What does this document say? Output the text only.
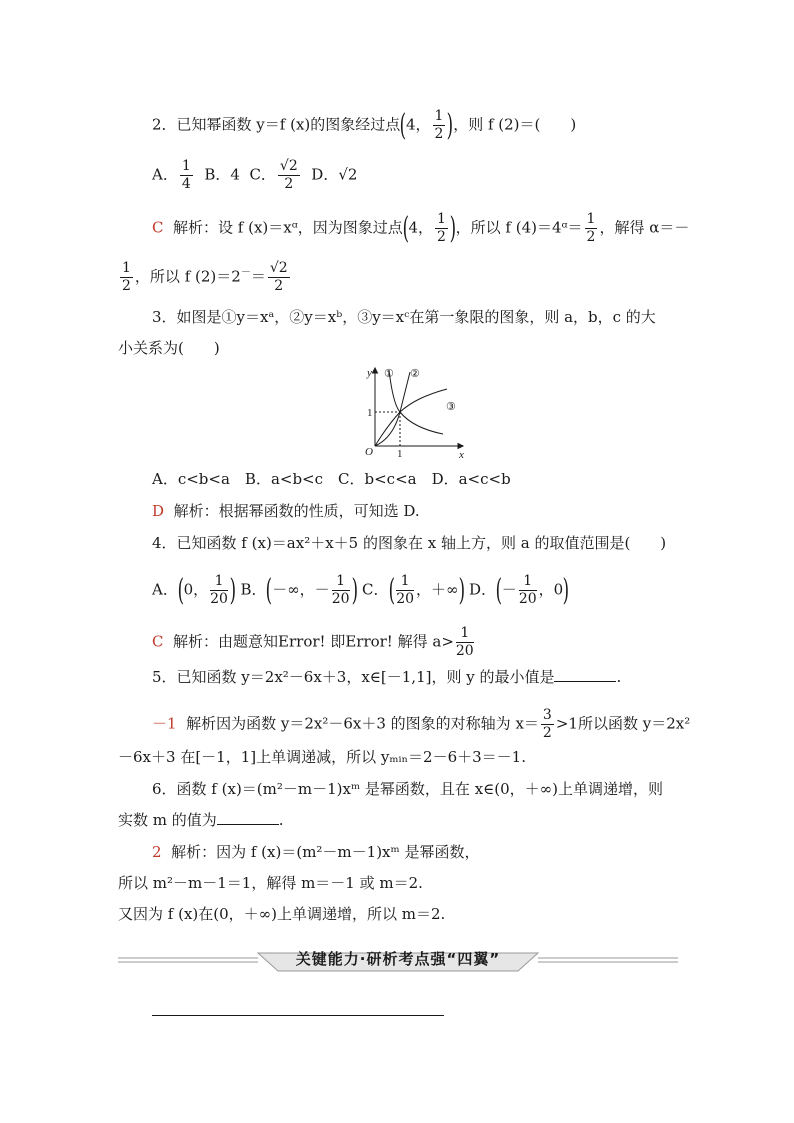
2．已知幂函数 y＝f (x)的图象经过点(4， $\frac{1}{2}$ )，则 f (2)＝(　　)
A． $\frac{1}{4}$ B．4 C． $\frac{√2}{2}$ D．√2
C 解析：设 f (x)＝xᵅ，因为图象过点(4， $\frac{1}{2}$ )，所以 f (4)＝4ᵅ＝ $\frac{1}{2}$ ，解得 α＝－
$\frac{1}{2}$ ，所以 f $(2)=2^-= \frac{√2}{2}$
3．如图是①y＝xᵃ，②y＝xᵇ，③y＝xᶜ在第一象限的图象，则 a，b，c 的大
小关系为(　　)
y
x
O 1
1
① ②
③
A．c<b<a　B．a<b<c　C．b<c<a　D．a<c<b
D 解析：根据幂函数的性质，可知选 D.
4．已知函数 f (x)＝ax²＋x＋5 的图象在 x 轴上方，则 a 的取值范围是(　　)
A．(0， $\frac{1}{20}$ ) B．(－∞，－ $\frac{1}{20}$ ) C．( $\frac{1}{20}$ ，＋∞) D．(－ $\frac{1}{20}$ ，0)
C 解析：由题意知Error! 即Error! 解得 $a> \frac{1}{20}$
5．已知函数 y＝2x²－6x＋3，x∈[－1,1]，则 y 的最小值是	.
－1 解析因为函数 y＝2x²－6x＋3 的图象的对称轴为 $x= \frac{3}{2} >1$所以函数 y＝2x²
－6x＋3 在[－1，1]上单调递减，所以 yₘᵢₙ＝2－6＋3＝－1.
6．函数 f (x)＝(m²－m－1)xᵐ 是幂函数，且在 x∈(0，＋∞)上单调递增，则
实数 m 的值为	.
2 解析：因为 f (x)＝(m²－m－1)xᵐ 是幂函数，
所以 m²－m－1＝1，解得 m＝－1 或 m＝2.
又因为 f (x)在(0，＋∞)上单调递增，所以 m＝2.
关键能力·研析考点强“四翼”
